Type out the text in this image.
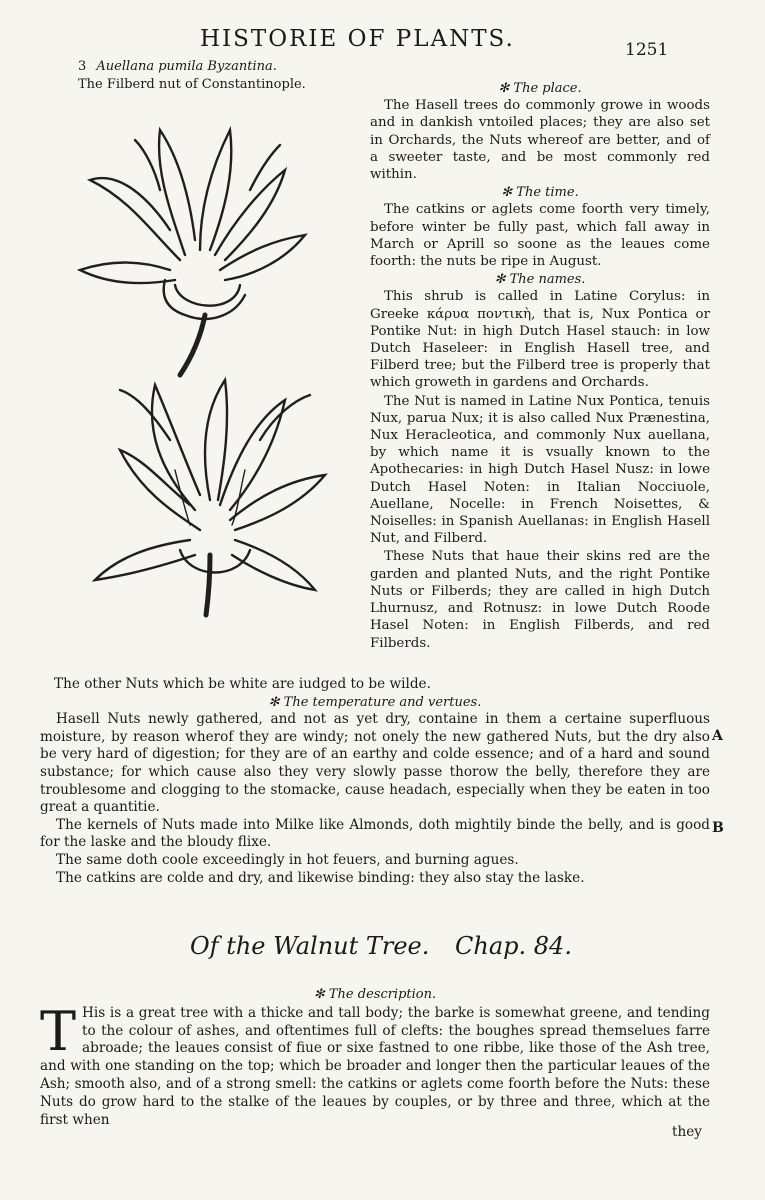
HISTORIE OF PLANTS.	1251
3 Auellana pumila Byzantina.
The Filberd nut of Constantinople.	✻ The place.

The Hasell trees do commonly growe in woods and in dankish vntoiled places; they are also set in Orchards, the Nuts whereof are better, and of a sweeter taste, and be most commonly red within.

✻ The time.

The catkins or aglets come foorth very timely, before winter be fully past, which fall away in March or Aprill so soone as the leaues come foorth: the nuts be ripe in August.

✻ The names.

This shrub is called in Latine Corylus: in Greeke κάρυα ποντικὴ, that is, Nux Pontica or Pontike Nut: in high Dutch Hasel stauch: in low Dutch Haseleer: in English Hasell tree, and Filberd tree; but the Filberd tree is properly that which groweth in gardens and Orchards.

The Nut is named in Latine Nux Pontica, tenuis Nux, parua Nux; it is also called Nux Prænestina, Nux Heracleotica, and commonly Nux auellana, by which name it is vsually known to the Apothecaries: in high Dutch Hasel Nusz: in lowe Dutch Hasel Noten: in Italian Nocciuole, Auellane, Nocelle: in French Noisettes, & Noiselles: in Spanish Auellanas: in English Hasell Nut, and Filberd.

These Nuts that haue their skins red are the garden and planted Nuts, and the right Pontike Nuts or Filberds; they are called in high Dutch Lhurnusz, and Rotnusz: in lowe Dutch Roode Hasel Noten: in English Filberds, and red Filberds.

The other Nuts which be white are iudged to be wilde.

✻ The temperature and vertues.

Hasell Nuts newly gathered, and not as yet dry, containe in them a certaine superfluous moisture, by reason wherof they are windy; not onely the new gathered Nuts, but the dry also be very hard of digestion; for they are of an earthy and colde essence; and of a hard and sound substance; for which cause also they very slowly passe thorow the belly, therefore they are troublesome and clogging to the stomacke, cause headach, especially when they be eaten in too great a quantitie.

The kernels of Nuts made into Milke like Almonds, doth mightily binde the belly, and is good for the laske and the bloudy flixe.

The same doth coole exceedingly in hot feuers, and burning agues.

The catkins are colde and dry, and likewise binding: they also stay the laske.

A
B
Of the Walnut Tree. Chap. 84.
✻ The description.
T His is a great tree with a thicke and tall body; the barke is somewhat greene, and tending to the colour of ashes, and oftentimes full of clefts: the boughes spread themselues farre abroade; the leaues consist of fiue or sixe fastned to one ribbe, like those of the Ash tree, and with one standing on the top; which be broader and longer then the particular leaues of the Ash; smooth also, and of a strong smell: the catkins or aglets come foorth before the Nuts: these Nuts do grow hard to the stalke of the leaues by couples, or by three and three, which at the first when
they
